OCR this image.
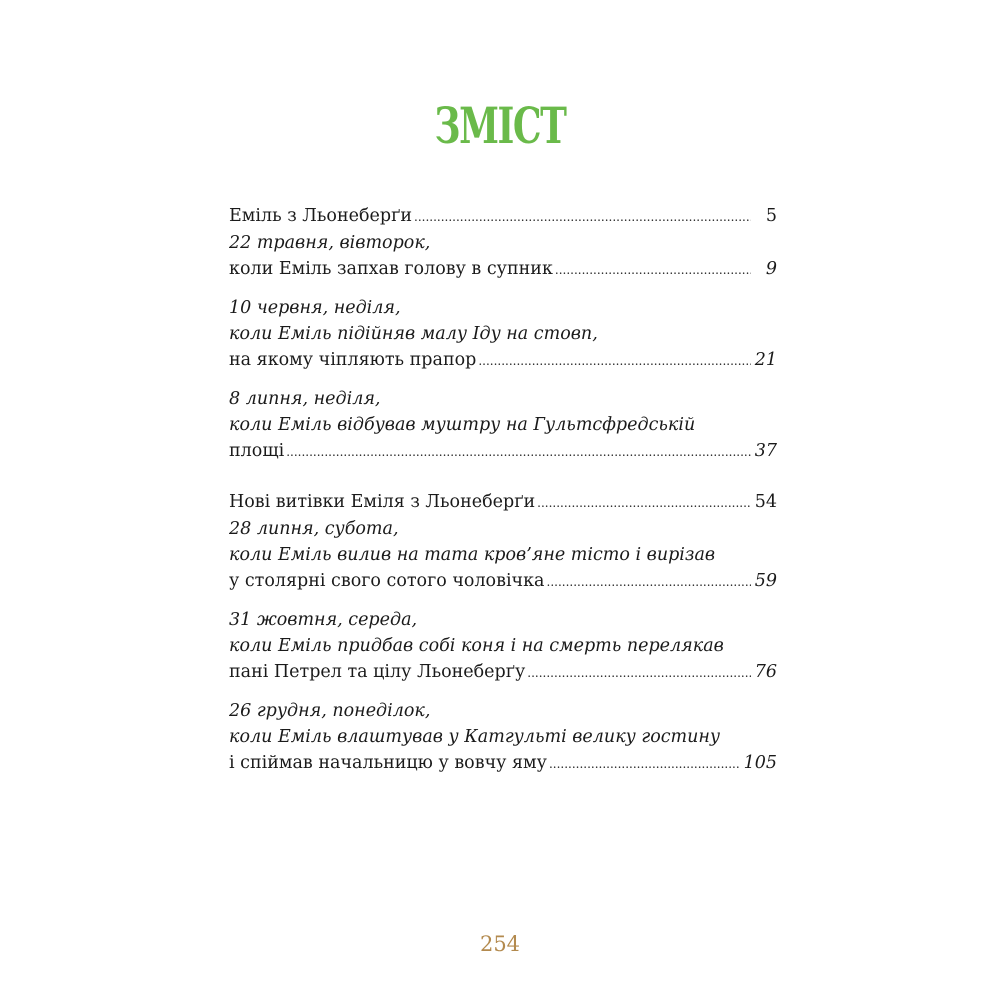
ЗМІСТ
Еміль з Льонеберґи .....	5
22 травня, вівторок,
коли Еміль запхав голову в супник .....	9
10 червня, неділя,
коли Еміль підійняв малу Іду на стовп,
на якому чіпляють прапор .....	21
8 липня, неділя,
коли Еміль відбував муштру на Гультсфредській
площі .....	37
Нові витівки Еміля з Льонеберґи .....	54
28 липня, субота,
коли Еміль вилив на тата кров’яне тісто і вирізав
у столярні свого сотого чоловічка .....	59
31 жовтня, середа,
коли Еміль придбав собі коня і на смерть перелякав
пані Петрел та цілу Льонеберґу .....	76
26 грудня, понеділок,
коли Еміль влаштував у Катгульті велику гостину
і спіймав начальницю у вовчу яму .....	105
254
